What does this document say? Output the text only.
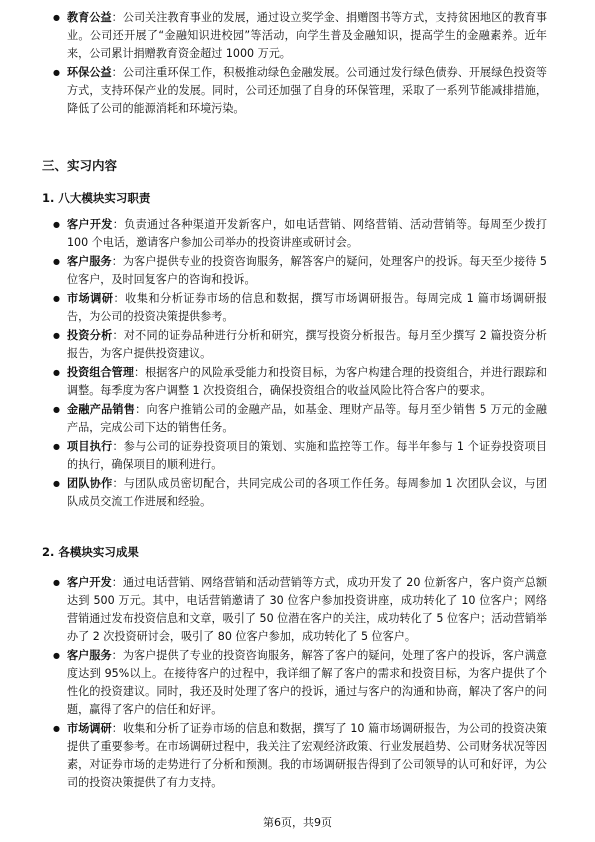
● 教育公益：公司关注教育事业的发展，通过设立奖学金、捐赠图书等方式，支持贫困地区的教育事业。公司还开展了“金融知识进校园”等活动，向学生普及金融知识，提高学生的金融素养。近年来，公司累计捐赠教育资金超过 1000 万元。
● 环保公益：公司注重环保工作，积极推动绿色金融发展。公司通过发行绿色债券、开展绿色投资等方式，支持环保产业的发展。同时，公司还加强了自身的环保管理，采取了一系列节能减排措施，降低了公司的能源消耗和环境污染。
三、实习内容
1. 八大模块实习职责
● 客户开发：负责通过各种渠道开发新客户，如电话营销、网络营销、活动营销等。每周至少拨打 100 个电话，邀请客户参加公司举办的投资讲座或研讨会。
● 客户服务：为客户提供专业的投资咨询服务，解答客户的疑问，处理客户的投诉。每天至少接待 5 位客户，及时回复客户的咨询和投诉。
● 市场调研：收集和分析证券市场的信息和数据，撰写市场调研报告。每周完成 1 篇市场调研报告，为公司的投资决策提供参考。
● 投资分析：对不同的证券品种进行分析和研究，撰写投资分析报告。每月至少撰写 2 篇投资分析报告，为客户提供投资建议。
● 投资组合管理：根据客户的风险承受能力和投资目标，为客户构建合理的投资组合，并进行跟踪和调整。每季度为客户调整 1 次投资组合，确保投资组合的收益风险比符合客户的要求。
● 金融产品销售：向客户推销公司的金融产品，如基金、理财产品等。每月至少销售 5 万元的金融产品，完成公司下达的销售任务。
● 项目执行：参与公司的证券投资项目的策划、实施和监控等工作。每半年参与 1 个证券投资项目的执行，确保项目的顺利进行。
● 团队协作：与团队成员密切配合，共同完成公司的各项工作任务。每周参加 1 次团队会议，与团队成员交流工作进展和经验。
2. 各模块实习成果
● 客户开发：通过电话营销、网络营销和活动营销等方式，成功开发了 20 位新客户，客户资产总额达到 500 万元。其中，电话营销邀请了 30 位客户参加投资讲座，成功转化了 10 位客户；网络营销通过发布投资信息和文章，吸引了 50 位潜在客户的关注，成功转化了 5 位客户；活动营销举办了 2 次投资研讨会，吸引了 80 位客户参加，成功转化了 5 位客户。
● 客户服务：为客户提供了专业的投资咨询服务，解答了客户的疑问，处理了客户的投诉，客户满意度达到 95%以上。在接待客户的过程中，我详细了解了客户的需求和投资目标，为客户提供了个性化的投资建议。同时，我还及时处理了客户的投诉，通过与客户的沟通和协商，解决了客户的问题，赢得了客户的信任和好评。
● 市场调研：收集和分析了证券市场的信息和数据，撰写了 10 篇市场调研报告，为公司的投资决策提供了重要参考。在市场调研过程中，我关注了宏观经济政策、行业发展趋势、公司财务状况等因素，对证券市场的走势进行了分析和预测。我的市场调研报告得到了公司领导的认可和好评，为公司的投资决策提供了有力支持。
第6页，共9页
